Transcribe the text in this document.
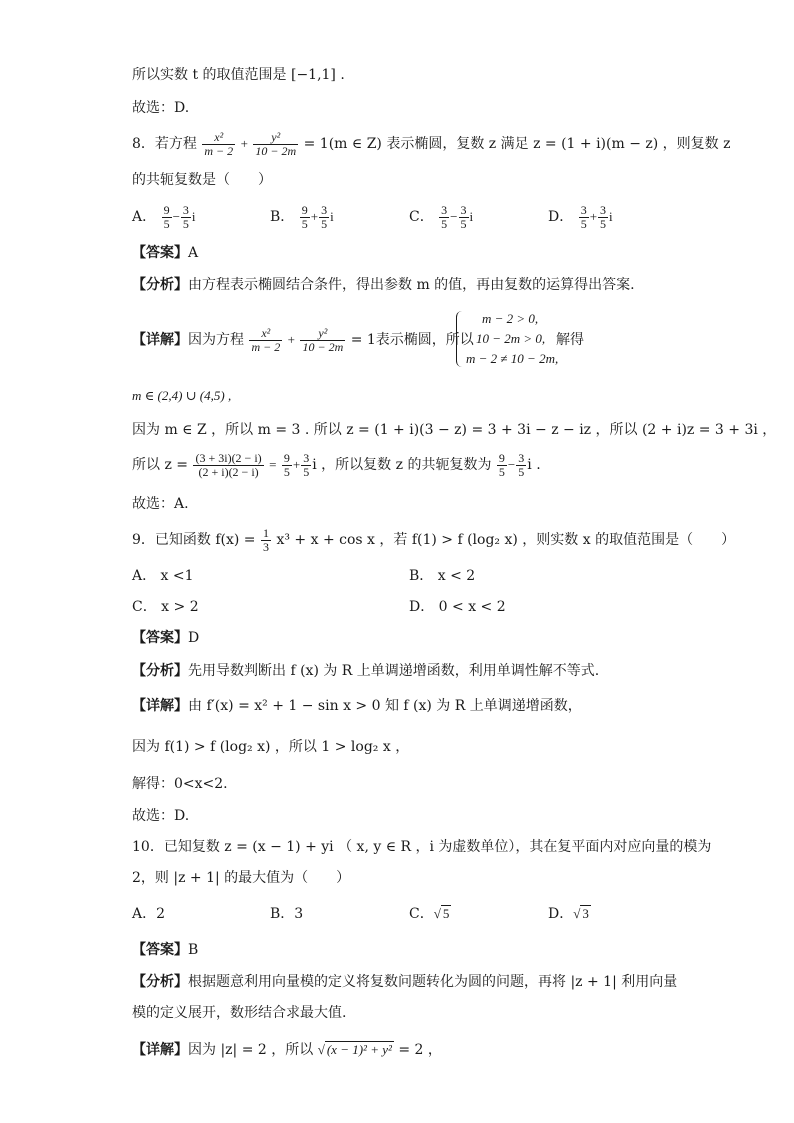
所以实数 t 的取值范围是 [−1,1] .
故选：D.
8．若方程 $\frac{\text{x²}}{m - 2} + \frac{\text{y²}}{10 - 2m} = 1(m$ ∈ Z) 表示椭圆，复数 z 满足 z = (1 + i)(m − z) ，则复数 z
的共轭复数是（　　）
A． $\frac{9}{5} - \frac{3}{5}$ i	B． $\frac{9}{5} + \frac{3}{5}$ i	C． $\frac{3}{5} - \frac{3}{5}$ i	D． $\frac{3}{5} + \frac{3}{5}$ i
【答案】A
【分析】由方程表示椭圆结合条件，得出参数 m 的值，再由复数的运算得出答案.
【详解】因为方程 $\frac{\text{x²}}{m - 2} + \frac{\text{y²}}{10 - 2m} = 1$表示椭圆，所以
m − 2 > 0,
10 − 2m > 0,
m − 2 ≠ 10 − 2m,
解得
m ∈ (2,4) ∪ (4,5) ,
因为 m ∈ Z ，所以 m = 3 . 所以 z = (1 + i)(3 − z) = 3 + 3i − z − iz ，所以 (2 + i)z = 3 + 3i ，
所以 $z = \frac{(3 + 3i)(2 - i)}{(2 + i)(2 - i)} = \frac{9}{5} + \frac{3}{5}$ i ，所以复数 z 的共轭复数为 $\frac{9}{5} - \frac{3}{5}$ i .
故选：A.
9．已知函数 $f(x) = \frac{1}{3} x^3 + x + \cos x$ ，若 f(1) > f (log₂ x) ，则实数 x 的取值范围是（　　）
A． x <1	B． x < 2
C． x > 2	D． 0 < x < 2
【答案】D
【分析】先用导数判断出 f (x) 为 R 上单调递增函数，利用单调性解不等式.
【详解】由 f′(x) = x² + 1 − sin x > 0 知 f (x) 为 R 上单调递增函数，
因为 f(1) > f (log₂ x) ，所以 1 > log₂ x ，
解得：0<x<2.
故选：D.
10．已知复数 z = (x − 1) + yi （ x, y ∈ R ，i 为虚数单位），其在复平面内对应向量的模为
2，则 |z + 1| 的最大值为（　　）
A．2	B．3	C．√ 5	D．√ 3
【答案】B
【分析】根据题意利用向量模的定义将复数问题转化为圆的问题，再将 |z + 1| 利用向量
模的定义展开，数形结合求最大值.
【详解】因为 |z| = 2 ，所以 √ (x − 1)² + y² = 2 ，
